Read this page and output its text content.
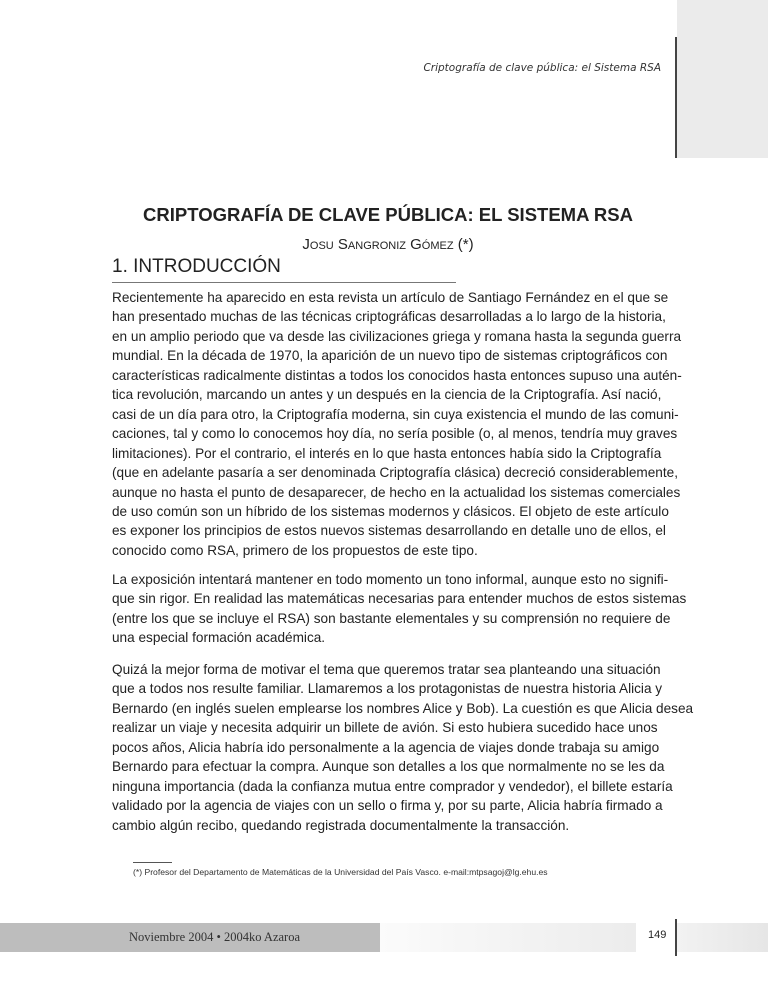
Criptografía de clave pública: el Sistema RSA
CRIPTOGRAFÍA DE CLAVE PÚBLICA: EL SISTEMA RSA
Josu Sangroniz Gómez (*)
1. INTRODUCCIÓN
Recientemente ha aparecido en esta revista un artículo de Santiago Fernández en el que se
han presentado muchas de las técnicas criptográficas desarrolladas a lo largo de la historia,
en un amplio periodo que va desde las civilizaciones griega y romana hasta la segunda guerra
mundial. En la década de 1970, la aparición de un nuevo tipo de sistemas criptográficos con
características radicalmente distintas a todos los conocidos hasta entonces supuso una autén-
tica revolución, marcando un antes y un después en la ciencia de la Criptografía. Así nació,
casi de un día para otro, la Criptografía moderna, sin cuya existencia el mundo de las comuni-
caciones, tal y como lo conocemos hoy día, no sería posible (o, al menos, tendría muy graves
limitaciones). Por el contrario, el interés en lo que hasta entonces había sido la Criptografía
(que en adelante pasaría a ser denominada Criptografía clásica) decreció considerablemente,
aunque no hasta el punto de desaparecer, de hecho en la actualidad los sistemas comerciales
de uso común son un híbrido de los sistemas modernos y clásicos. El objeto de este artículo
es exponer los principios de estos nuevos sistemas desarrollando en detalle uno de ellos, el
conocido como RSA, primero de los propuestos de este tipo.
La exposición intentará mantener en todo momento un tono informal, aunque esto no signifi-
que sin rigor. En realidad las matemáticas necesarias para entender muchos de estos sistemas
(entre los que se incluye el RSA) son bastante elementales y su comprensión no requiere de
una especial formación académica.
Quizá la mejor forma de motivar el tema que queremos tratar sea planteando una situación
que a todos nos resulte familiar. Llamaremos a los protagonistas de nuestra historia Alicia y
Bernardo (en inglés suelen emplearse los nombres Alice y Bob). La cuestión es que Alicia desea
realizar un viaje y necesita adquirir un billete de avión. Si esto hubiera sucedido hace unos
pocos años, Alicia habría ido personalmente a la agencia de viajes donde trabaja su amigo
Bernardo para efectuar la compra. Aunque son detalles a los que normalmente no se les da
ninguna importancia (dada la confianza mutua entre comprador y vendedor), el billete estaría
validado por la agencia de viajes con un sello o firma y, por su parte, Alicia habría firmado a
cambio algún recibo, quedando registrada documentalmente la transacción.
(*) Profesor del Departamento de Matemáticas de la Universidad del País Vasco. e-mail:mtpsagoj@lg.ehu.es
Noviembre 2004 • 2004ko Azaroa	149
